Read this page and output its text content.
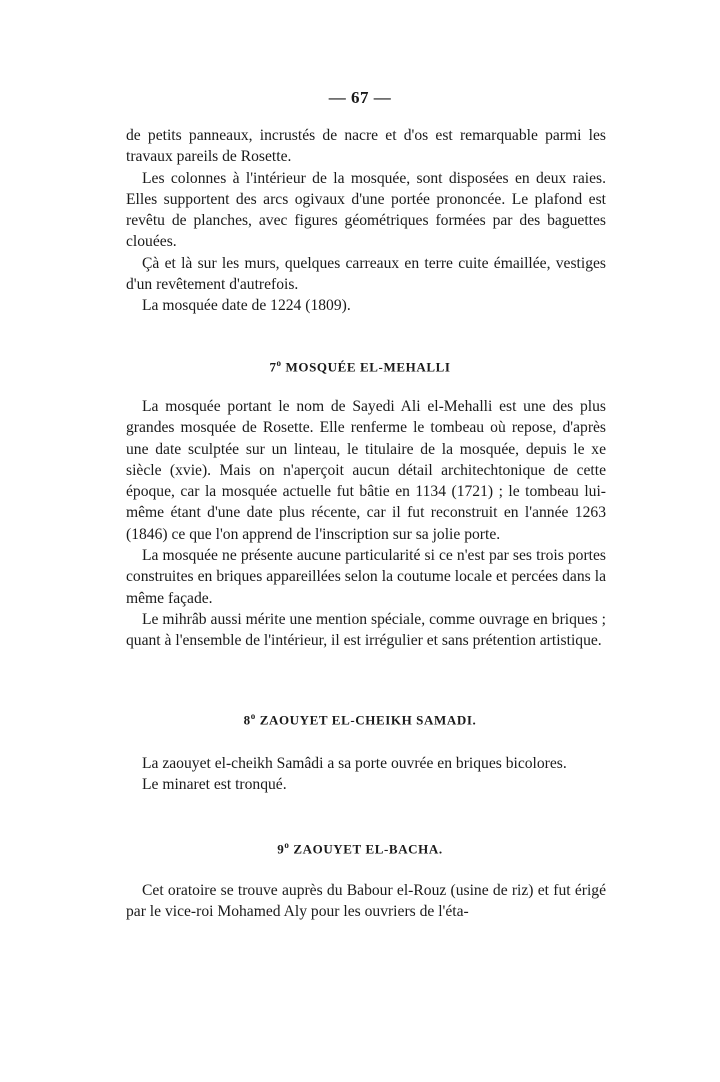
— 67 —

de petits panneaux, incrustés de nacre et d'os est remarquable parmi les travaux pareils de Rosette.

Les colonnes à l'intérieur de la mosquée, sont disposées en deux raies. Elles supportent des arcs ogivaux d'une portée prononcée. Le plafond est revêtu de planches, avec figures géométriques formées par des baguettes clouées.

Çà et là sur les murs, quelques carreaux en terre cuite émaillée, vestiges d'un revêtement d'autrefois.

La mosquée date de 1224 (1809).

7$^o$ MOSQUÉE EL-MEHALLI

La mosquée portant le nom de Sayedi Ali el-Mehalli est une des plus grandes mosquée de Rosette. Elle renferme le tombeau où repose, d'après une date sculptée sur un linteau, le titulaire de la mosquée, depuis le xe siècle (xvie). Mais on n'aperçoit aucun détail architechtonique de cette époque, car la mosquée actuelle fut bâtie en 1134 (1721) ; le tombeau lui-même étant d'une date plus récente, car il fut reconstruit en l'année 1263 (1846) ce que l'on apprend de l'inscription sur sa jolie porte.

La mosquée ne présente aucune particularité si ce n'est par ses trois portes construites en briques appareillées selon la coutume locale et percées dans la même façade.

Le mihrâb aussi mérite une mention spéciale, comme ouvrage en briques ; quant à l'ensemble de l'intérieur, il est irrégulier et sans prétention artistique.

8$^o$ ZAOUYET EL-CHEIKH SAMADI.

La zaouyet el-cheikh Samâdi a sa porte ouvrée en briques bicolores.

Le minaret est tronqué.

9$^o$ ZAOUYET EL-BACHA.

Cet oratoire se trouve auprès du Babour el-Rouz (usine de riz) et fut érigé par le vice-roi Mohamed Aly pour les ouvriers de l'éta-
